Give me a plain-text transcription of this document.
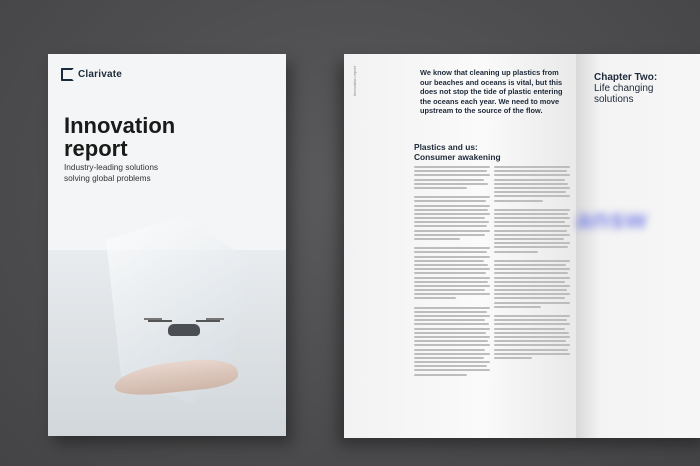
Clarivate
Innovation
report
Industry-leading solutions
solving global problems
Innovation report	We know that cleaning up plastics from our beaches and oceans is vital, but this does not stop the tide of plastic entering the oceans each year. We need to move upstream to the source of the flow.
Plastics and us:
Consumer awakening
Chapter Two:
Life changing
solutions
answ
